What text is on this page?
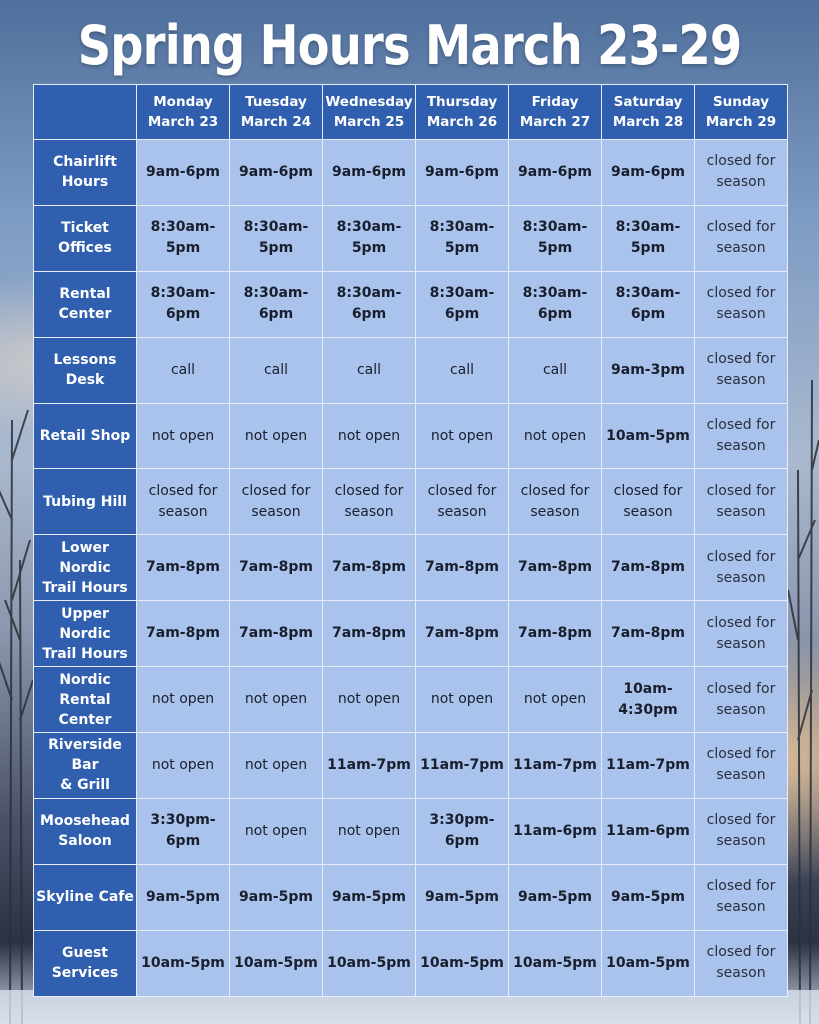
Spring Hours March 23-29

	Monday
March 23	Tuesday
March 24	Wednesday
March 25	Thursday
March 26	Friday
March 27	Saturday
March 28	Sunday
March 29

Chairlift
Hours	9am-6pm	9am-6pm	9am-6pm	9am-6pm	9am-6pm	9am-6pm	closed for
season

Ticket Offices	8:30am-
5pm	8:30am-
5pm	8:30am-
5pm	8:30am-
5pm	8:30am-
5pm	8:30am-
5pm	closed for
season

Rental Center	8:30am-
6pm	8:30am-
6pm	8:30am-
6pm	8:30am-
6pm	8:30am-
6pm	8:30am-
6pm	closed for
season

Lessons Desk	call	call	call	call	call	9am-3pm	closed for
season

Retail Shop	not open	not open	not open	not open	not open	10am-5pm	closed for
season

Tubing Hill	closed for
season	closed for
season	closed for
season	closed for
season	closed for
season	closed for
season	closed for
season

Lower Nordic
Trail Hours	7am-8pm	7am-8pm	7am-8pm	7am-8pm	7am-8pm	7am-8pm	closed for
season

Upper Nordic
Trail Hours	7am-8pm	7am-8pm	7am-8pm	7am-8pm	7am-8pm	7am-8pm	closed for
season

Nordic Rental
Center	not open	not open	not open	not open	not open	10am-
4:30pm	closed for
season

Riverside Bar
& Grill	not open	not open	11am-7pm	11am-7pm	11am-7pm	11am-7pm	closed for
season

Moosehead
Saloon	3:30pm-
6pm	not open	not open	3:30pm-
6pm	11am-6pm	11am-6pm	closed for
season

Skyline Cafe	9am-5pm	9am-5pm	9am-5pm	9am-5pm	9am-5pm	9am-5pm	closed for
season

Guest
Services	10am-5pm	10am-5pm	10am-5pm	10am-5pm	10am-5pm	10am-5pm	closed for
season
